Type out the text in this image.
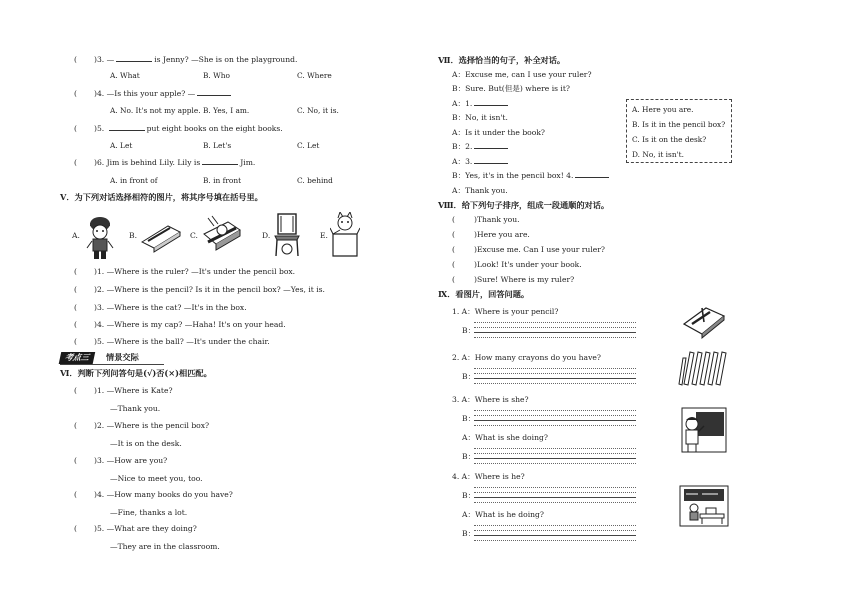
( )3. —	is Jenny? —She is on the playground.
A. What	B. Who	C. Where
( )4. —Is this your apple? —
A. No. It's not my apple. B. Yes, I am.	C. No, it is.
( )5.	put eight books on the eight books.
A. Let	B. Let's	C. Let
( )6. Jim is behind Lily. Lily is	Jim.
A. in front of	B. in front	C. behind
V．为下列对话选择相符的图片，将其序号填在括号里。
A.	B.	C.	D.	E.
( )1. —Where is the ruler? —It's under the pencil box.
( )2. —Where is the pencil? Is it in the pencil box? —Yes, it is.
( )3. —Where is the cat? —It's in the box.
( )4. —Where is my cap? —Haha! It's on your head.
( )5. —Where is the ball? —It's under the chair.
考点三	情景交际
Ⅵ．判断下列问答句是(√)否(×)相匹配。
( )1. —Where is Kate?
—Thank you.
( )2. —Where is the pencil box?
—It is on the desk.
( )3. —How are you?
—Nice to meet you, too.
( )4. —How many books do you have?
—Fine, thanks a lot.
( )5. —What are they doing?
—They are in the classroom.
Ⅶ．选择恰当的句子，补全对话。
A：Excuse me, can I use your ruler?
B：Sure. But(但是) where is it?
A：1.
B：No, it isn't.
A：Is it under the book?
B：2.
A：3.
B：Yes, it's in the pencil box! 4.
A：Thank you.
A. Here you are.
B. Is it in the pencil box?
C. Is it on the desk?
D. No, it isn't.
Ⅷ．给下列句子排序，组成一段通顺的对话。
(	)Thank you.
(	)Here you are.
(	)Excuse me. Can I use your ruler?
(	)Look! It's under your book.
(	)Sure! Where is my ruler?
Ⅸ．看图片，回答问题。
1. A：Where is your pencil?
B：
2. A：How many crayons do you have?
B：
3. A：Where is she?
B：
A：What is she doing?
B：
4. A：Where is he?
B：
A：What is he doing?
B：
